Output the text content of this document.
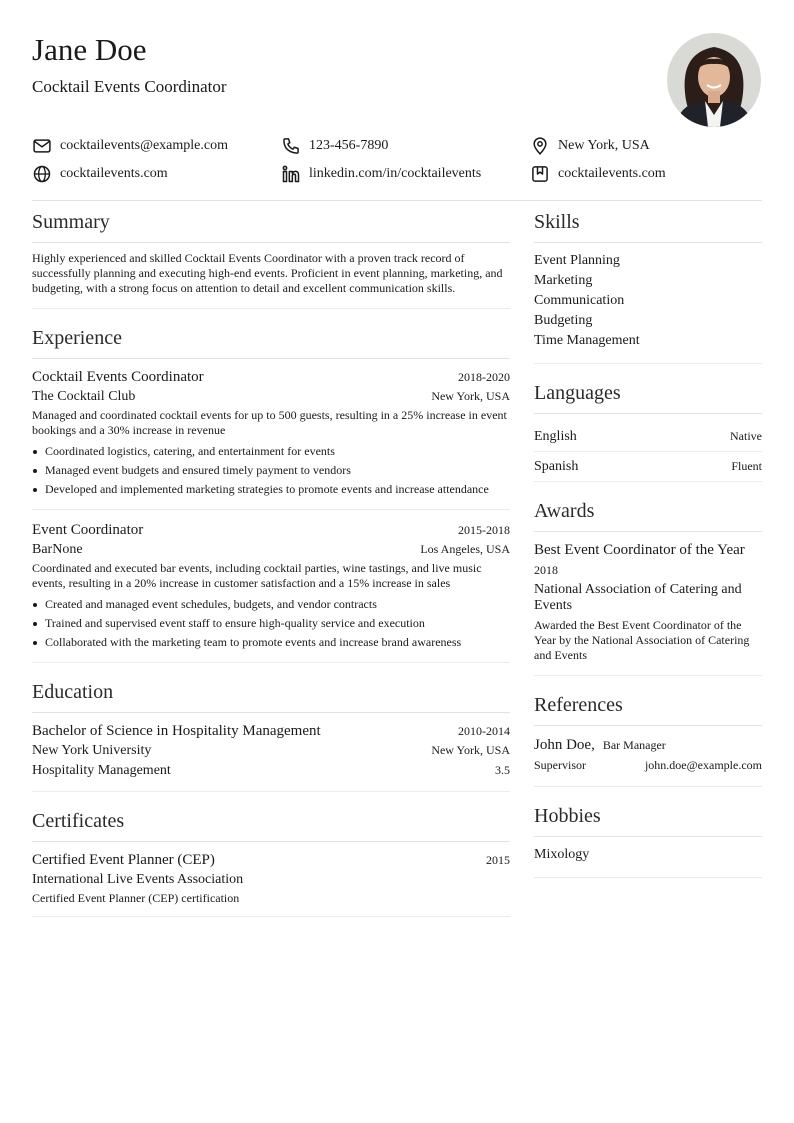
Jane Doe
Cocktail Events Coordinator
cocktailevents@example.com	123-456-7890	New York, USA
cocktailevents.com	linkedin.com/in/cocktailevents	cocktailevents.com
Summary
Highly experienced and skilled Cocktail Events Coordinator with a proven track record of successfully planning and executing high-end events. Proficient in event planning, marketing, and budgeting, with a strong focus on attention to detail and excellent communication skills.
Experience
Cocktail Events Coordinator	2018-2020
The Cocktail Club	New York, USA
Managed and coordinated cocktail events for up to 500 guests, resulting in a 25% increase in event bookings and a 30% increase in revenue
Coordinated logistics, catering, and entertainment for events
Managed event budgets and ensured timely payment to vendors
Developed and implemented marketing strategies to promote events and increase attendance
Event Coordinator	2015-2018
BarNone	Los Angeles, USA
Coordinated and executed bar events, including cocktail parties, wine tastings, and live music events, resulting in a 20% increase in customer satisfaction and a 15% increase in sales
Created and managed event schedules, budgets, and vendor contracts
Trained and supervised event staff to ensure high-quality service and execution
Collaborated with the marketing team to promote events and increase brand awareness
Education
Bachelor of Science in Hospitality Management	2010-2014
New York University	New York, USA
Hospitality Management	3.5
Certificates
Certified Event Planner (CEP)	2015
International Live Events Association
Certified Event Planner (CEP) certification
Skills
Event Planning
Marketing
Communication
Budgeting
Time Management
Languages
English	Native
Spanish	Fluent
Awards
Best Event Coordinator of the Year
2018
National Association of Catering and Events
Awarded the Best Event Coordinator of the Year by the National Association of Catering and Events
References
John Doe, Bar Manager
Supervisor	john.doe@example.com
Hobbies
Mixology
